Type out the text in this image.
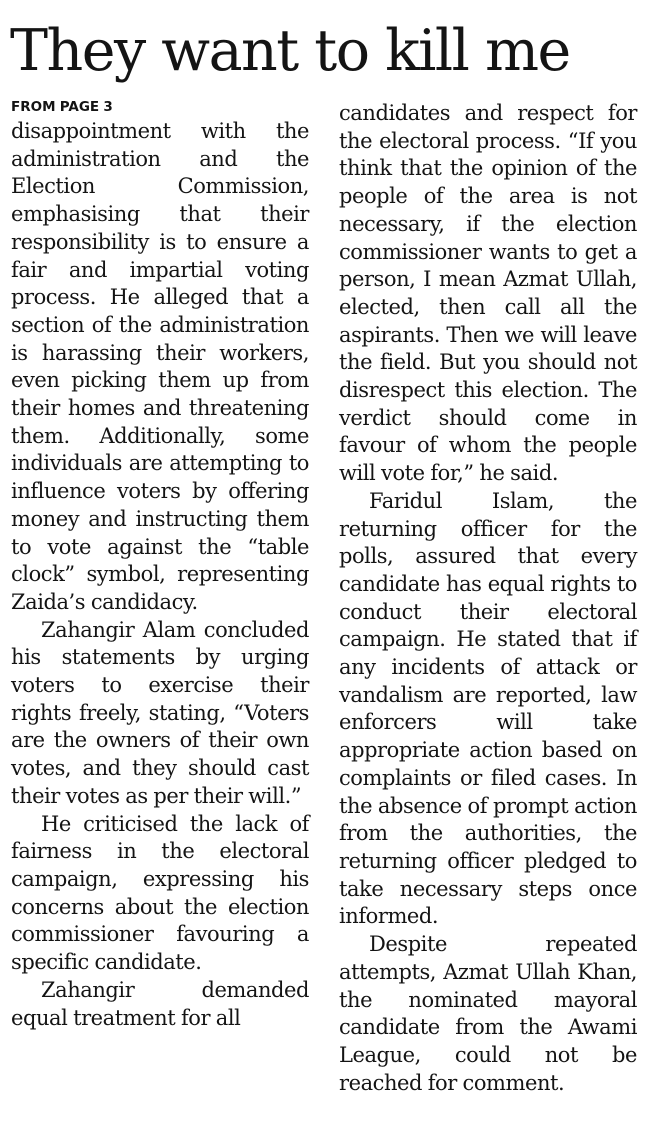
They want to kill me
FROM PAGE 3

disappointment with the administration and the Election Commission, emphasising that their responsibility is to ensure a fair and impartial voting process. He alleged that a section of the administration is harassing their workers, even picking them up from their homes and threatening them. Additionally, some individuals are attempting to influence voters by offering money and instructing them to vote against the “table clock” symbol, representing Zaida’s candidacy.

Zahangir Alam concluded his statements by urging voters to exercise their rights freely, stating, “Voters are the owners of their own votes, and they should cast their votes as per their will.”

He criticised the lack of fairness in the electoral campaign, expressing his concerns about the election commissioner favouring a specific candidate.

Zahangir demanded equal treatment for all

candidates and respect for the electoral process. “If you think that the opinion of the people of the area is not necessary, if the election commissioner wants to get a person, I mean Azmat Ullah, elected, then call all the aspirants. Then we will leave the field. But you should not disrespect this election. The verdict should come in favour of whom the people will vote for,” he said.

Faridul Islam, the returning officer for the polls, assured that every candidate has equal rights to conduct their electoral campaign. He stated that if any incidents of attack or vandalism are reported, law enforcers will take appropriate action based on complaints or filed cases. In the absence of prompt action from the authorities, the returning officer pledged to take necessary steps once informed.

Despite repeated attempts, Azmat Ullah Khan, the nominated mayoral candidate from the Awami League, could not be reached for comment.
